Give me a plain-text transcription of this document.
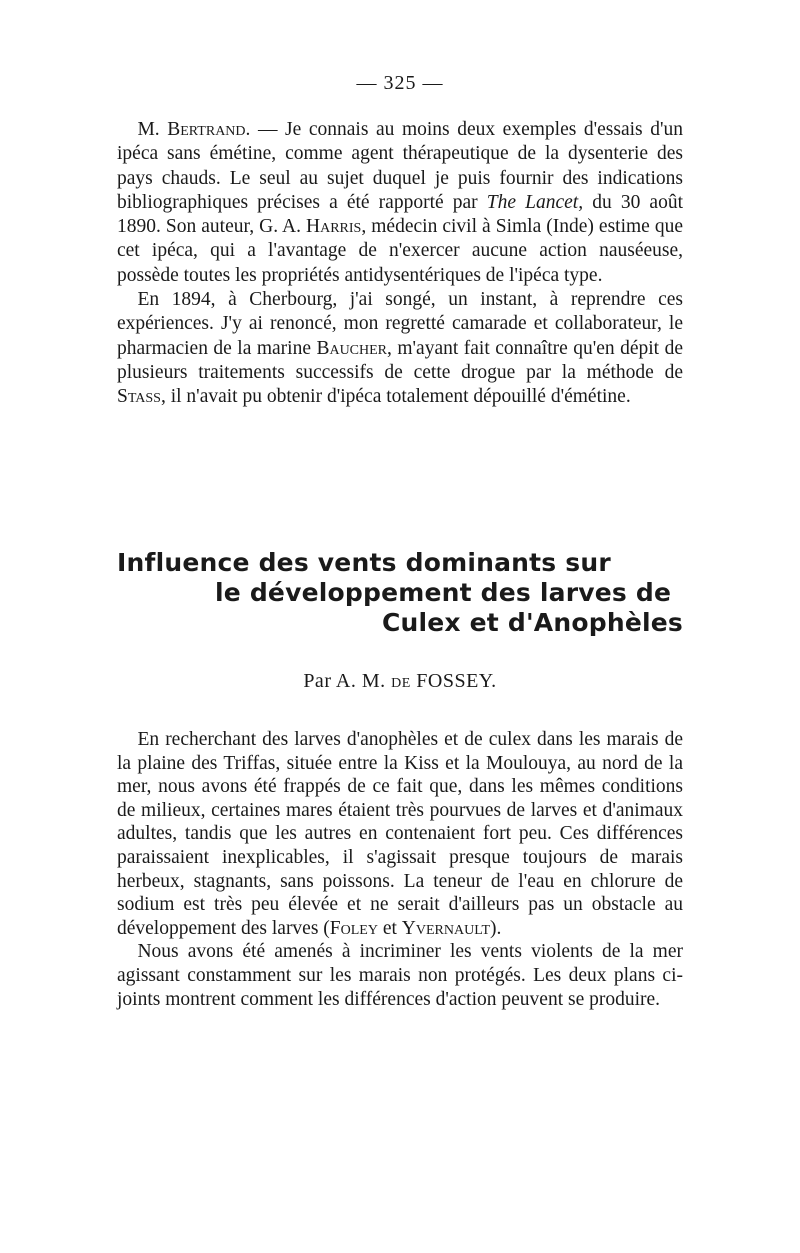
— 325 —

M. Bertrand. — Je connais au moins deux exemples d'essais d'un ipéca sans émétine, comme agent thérapeutique de la dysenterie des pays chauds. Le seul au sujet duquel je puis fournir des indications bibliographiques précises a été rapporté par The Lancet, du 30 août 1890. Son auteur, G. A. Harris, médecin civil à Simla (Inde) estime que cet ipéca, qui a l'avantage de n'exercer aucune action nauséeuse, possède toutes les propriétés antidysentériques de l'ipéca type.

En 1894, à Cherbourg, j'ai songé, un instant, à reprendre ces expériences. J'y ai renoncé, mon regretté camarade et collaborateur, le pharmacien de la marine Baucher, m'ayant fait connaître qu'en dépit de plusieurs traitements successifs de cette drogue par la méthode de Stass, il n'avait pu obtenir d'ipéca totalement dépouillé d'émétine.

Influence des vents dominants sur
le développement des larves de
Culex et d'Anophèles
Par A. M. de FOSSEY.

En recherchant des larves d'anophèles et de culex dans les marais de la plaine des Triffas, située entre la Kiss et la Moulouya, au nord de la mer, nous avons été frappés de ce fait que, dans les mêmes conditions de milieux, certaines mares étaient très pourvues de larves et d'animaux adultes, tandis que les autres en contenaient fort peu. Ces différences paraissaient inexplicables, il s'agissait presque toujours de marais herbeux, stagnants, sans poissons. La teneur de l'eau en chlorure de sodium est très peu élevée et ne serait d'ailleurs pas un obstacle au développement des larves (Foley et Yvernault).

Nous avons été amenés à incriminer les vents violents de la mer agissant constamment sur les marais non protégés. Les deux plans ci-joints montrent comment les différences d'action peuvent se produire.
